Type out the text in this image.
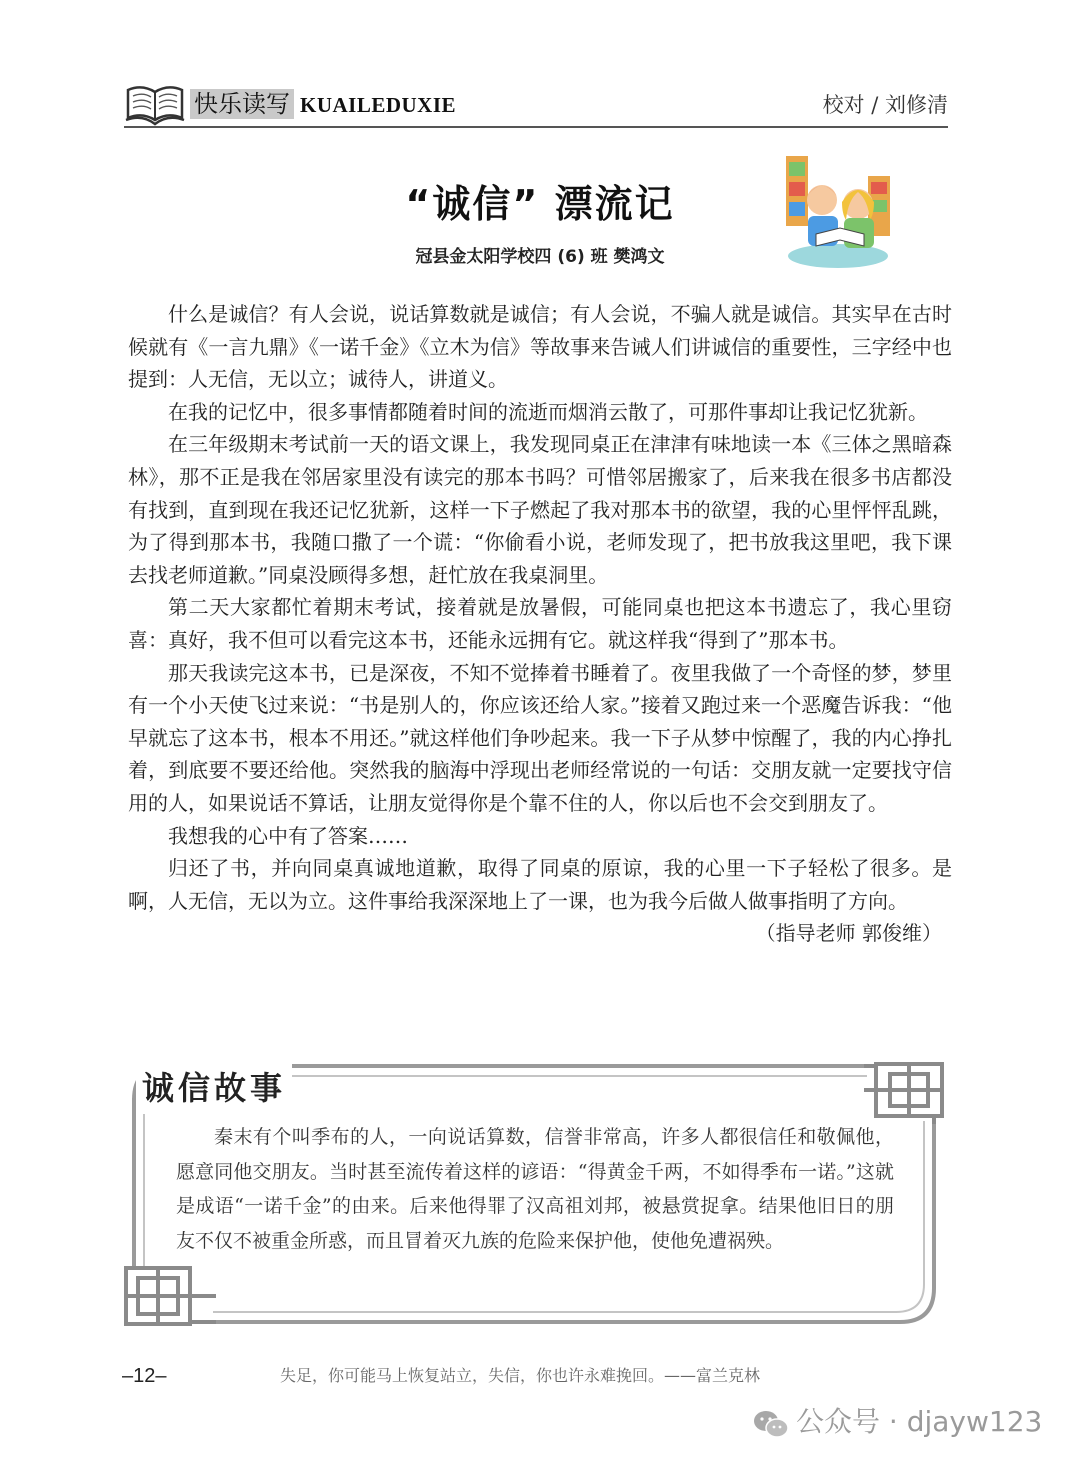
快乐读写 KUAILEDUXIE	校对 / 刘修清
“诚信” 漂流记
冠县金太阳学校四 (6) 班 樊鸿文

什么是诚信？有人会说，说话算数就是诚信；有人会说，不骗人就是诚信。其实早在古时候就有《一言九鼎》《一诺千金》《立木为信》等故事来告诫人们讲诚信的重要性，三字经中也提到：人无信，无以立；诚待人，讲道义。

在我的记忆中，很多事情都随着时间的流逝而烟消云散了，可那件事却让我记忆犹新。

在三年级期末考试前一天的语文课上，我发现同桌正在津津有味地读一本《三体之黑暗森林》，那不正是我在邻居家里没有读完的那本书吗？可惜邻居搬家了，后来我在很多书店都没有找到，直到现在我还记忆犹新，这样一下子燃起了我对那本书的欲望，我的心里怦怦乱跳，为了得到那本书，我随口撒了一个谎：“你偷看小说，老师发现了，把书放我这里吧，我下课去找老师道歉。”同桌没顾得多想，赶忙放在我桌洞里。

第二天大家都忙着期末考试，接着就是放暑假，可能同桌也把这本书遗忘了，我心里窃喜：真好，我不但可以看完这本书，还能永远拥有它。就这样我“得到了”那本书。

那天我读完这本书，已是深夜，不知不觉捧着书睡着了。夜里我做了一个奇怪的梦，梦里有一个小天使飞过来说：“书是别人的，你应该还给人家。”接着又跑过来一个恶魔告诉我：“他早就忘了这本书，根本不用还。”就这样他们争吵起来。我一下子从梦中惊醒了，我的内心挣扎着，到底要不要还给他。突然我的脑海中浮现出老师经常说的一句话：交朋友就一定要找守信用的人，如果说话不算话，让朋友觉得你是个靠不住的人，你以后也不会交到朋友了。

我想我的心中有了答案……

归还了书，并向同桌真诚地道歉，取得了同桌的原谅，我的心里一下子轻松了很多。是啊，人无信，无以为立。这件事给我深深地上了一课，也为我今后做人做事指明了方向。

（指导老师 郭俊维）

诚信故事
秦末有个叫季布的人，一向说话算数，信誉非常高，许多人都很信任和敬佩他，愿意同他交朋友。当时甚至流传着这样的谚语：“得黄金千两，不如得季布一诺。”这就是成语“一诺千金”的由来。后来他得罪了汉高祖刘邦，被悬赏捉拿。结果他旧日的朋友不仅不被重金所惑，而且冒着灭九族的危险来保护他，使他免遭祸殃。
–12–	失足，你可能马上恢复站立，失信，你也许永难挽回。——富兰克林
公众号 · djayw123
